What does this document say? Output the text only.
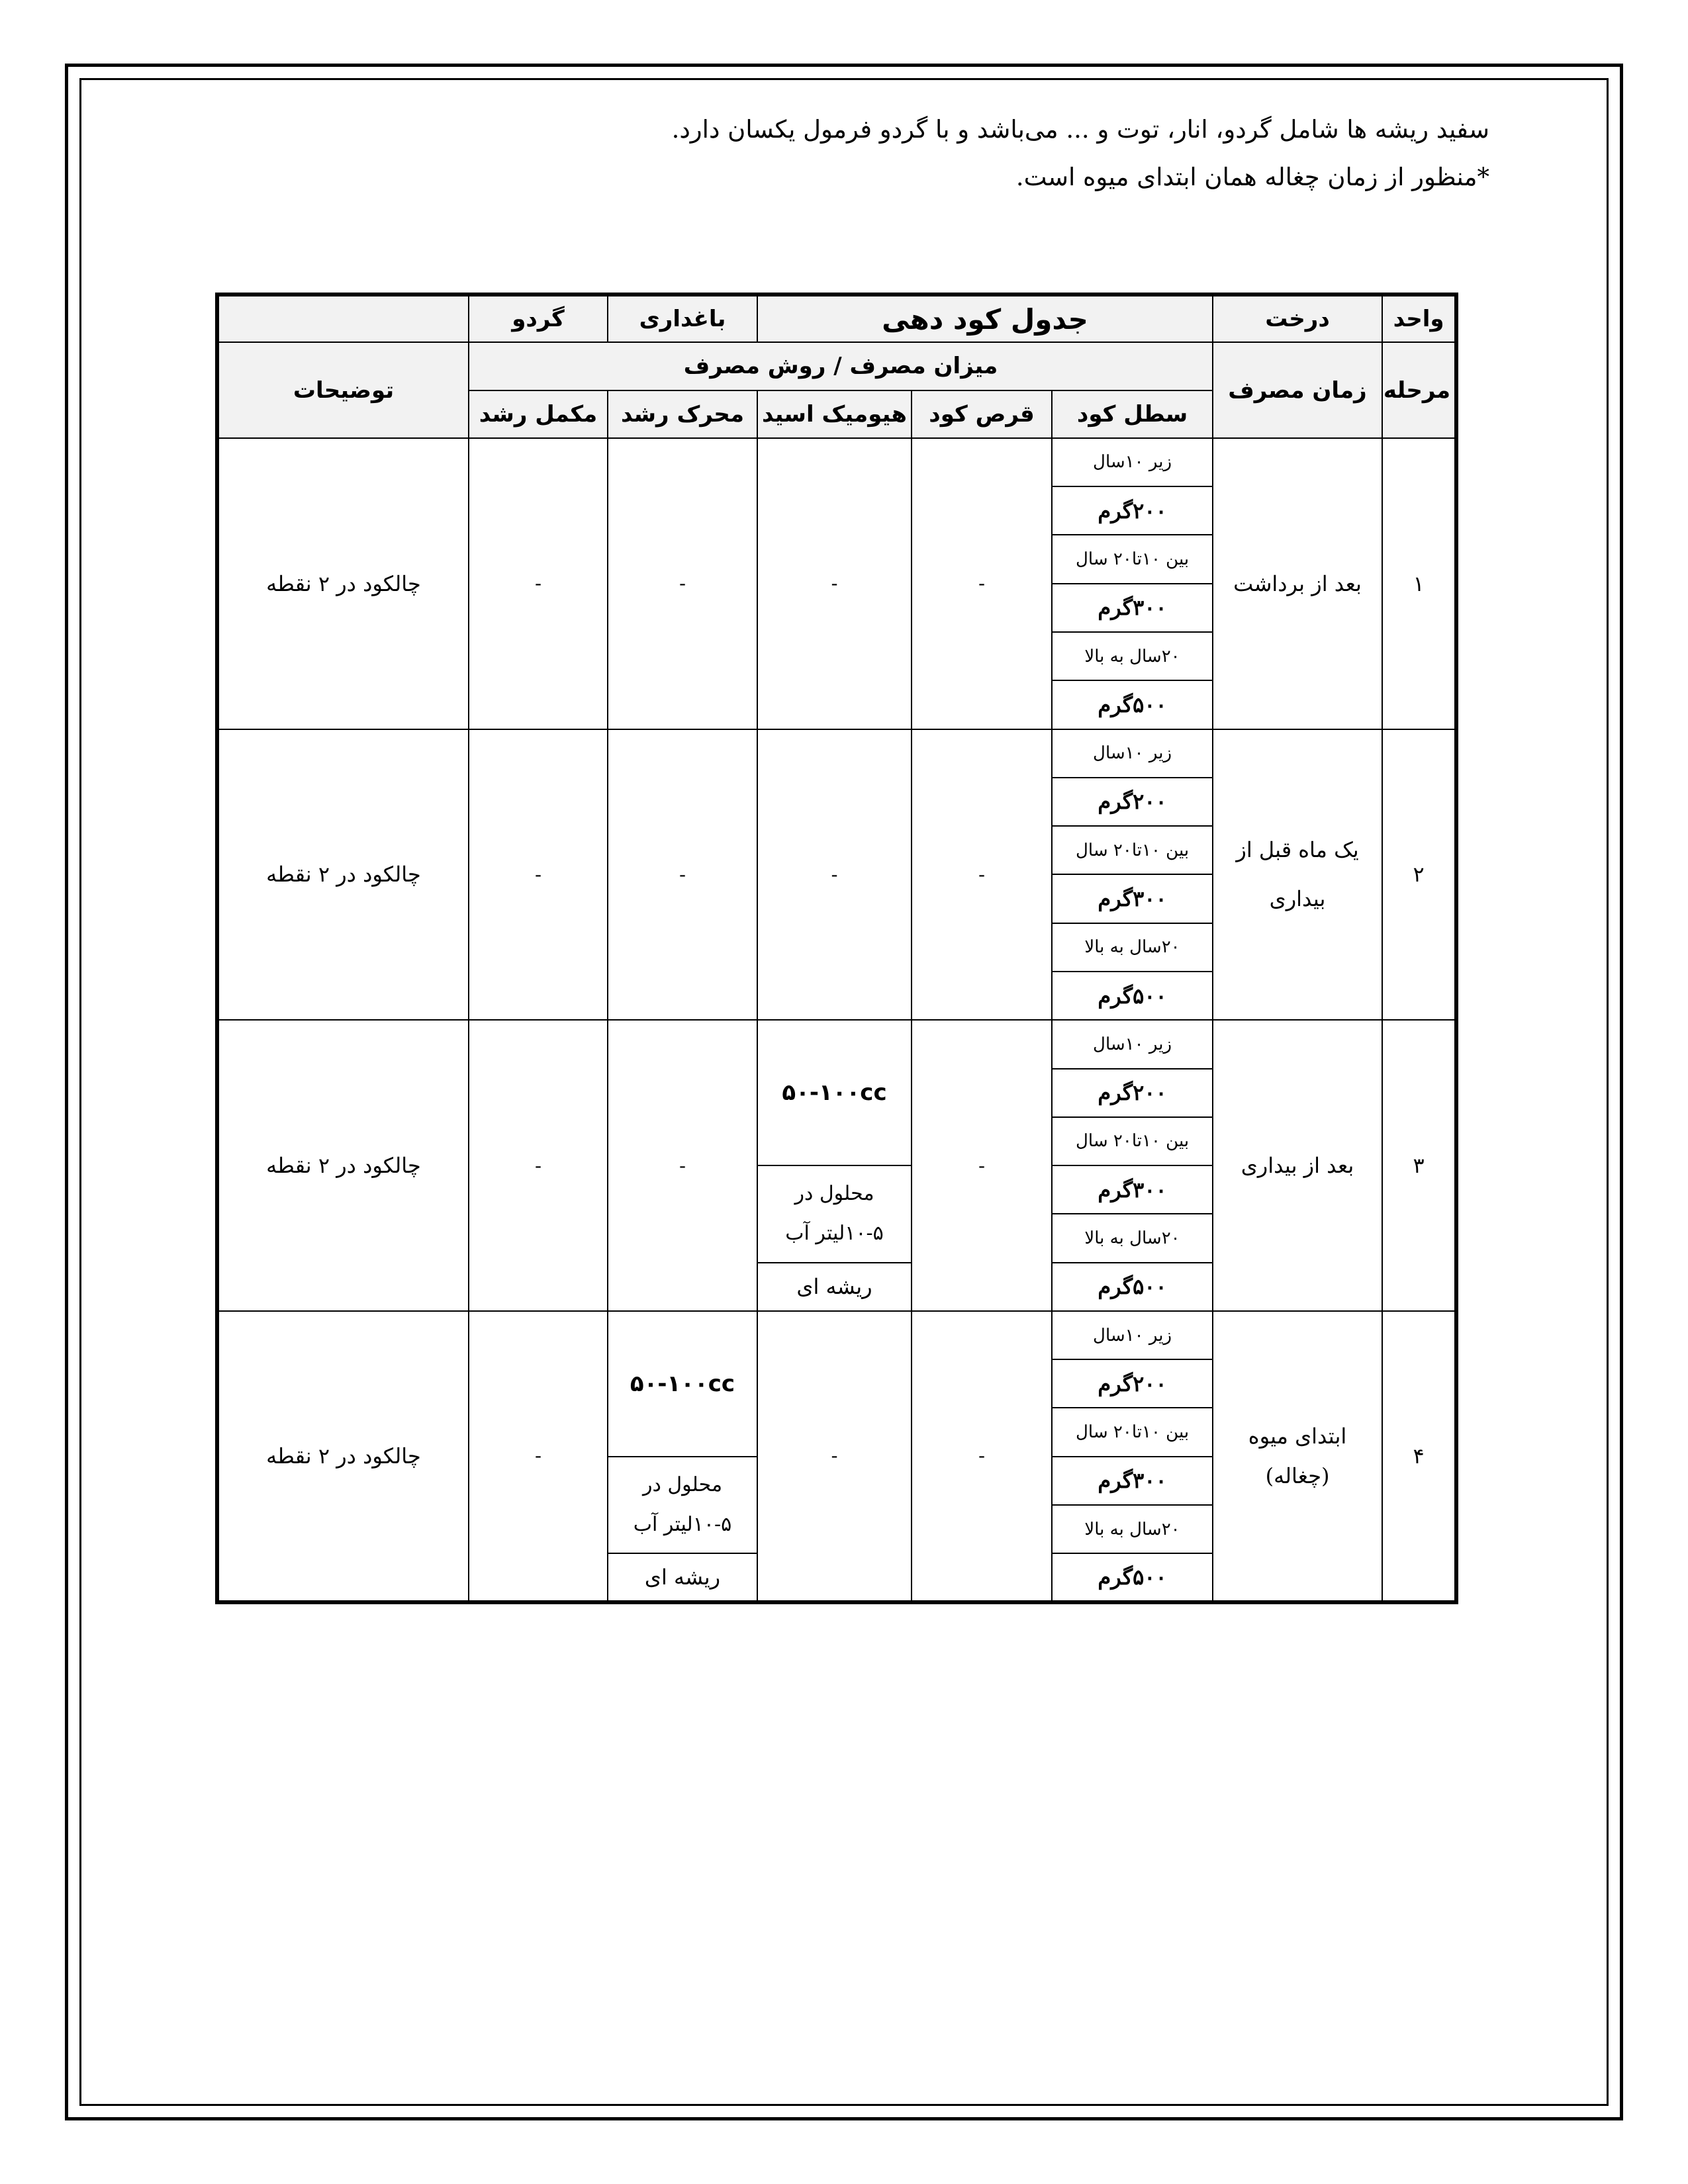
سفید ریشه ها شامل گردو، انار، توت و ... می‌باشد و با گردو فرمول یکسان دارد.

*منظور از زمان چغاله همان ابتدای میوه است.

واحد	درخت	جدول کود دهی			باغداری	گردو	
مرحله	زمان مصرف	میزان مصرف / روش مصرف					توضیحات
		سطل کود	قرص کود	هیومیک اسید	محرک رشد	مکمل رشد	
۱	بعد از برداشت	زیر ۱۰سال	-	-	-	-	چالکود در ۲ نقطه
		۲۰۰گرم					
		بین ۱۰تا۲۰ سال					
		۳۰۰گرم					
		۲۰سال به بالا					
		۵۰۰گرم					
۲	یک ماه قبل از بیداری	زیر ۱۰سال	-	-	-	-	چالکود در ۲ نقطه
		۲۰۰گرم					
		بین ۱۰تا۲۰ سال					
		۳۰۰گرم					
		۲۰سال به بالا					
		۵۰۰گرم					
۳	بعد از بیداری	زیر ۱۰سال	-	۵۰-۱۰۰cc	-	-	چالکود در ۲ نقطه
		۲۰۰گرم					
		بین ۱۰تا۲۰ سال					
		۳۰۰گرم		محلول در ۵-۱۰لیتر آب			
		۲۰سال به بالا					
		۵۰۰گرم		ریشه ای			
۴	ابتدای میوه (چغاله)	زیر ۱۰سال	-	-	۵۰-۱۰۰cc	-	چالکود در ۲ نقطه
		۲۰۰گرم					
		بین ۱۰تا۲۰ سال					
		۳۰۰گرم			محلول در ۵-۱۰لیتر آب		
		۲۰سال به بالا					
		۵۰۰گرم			ریشه ای		
